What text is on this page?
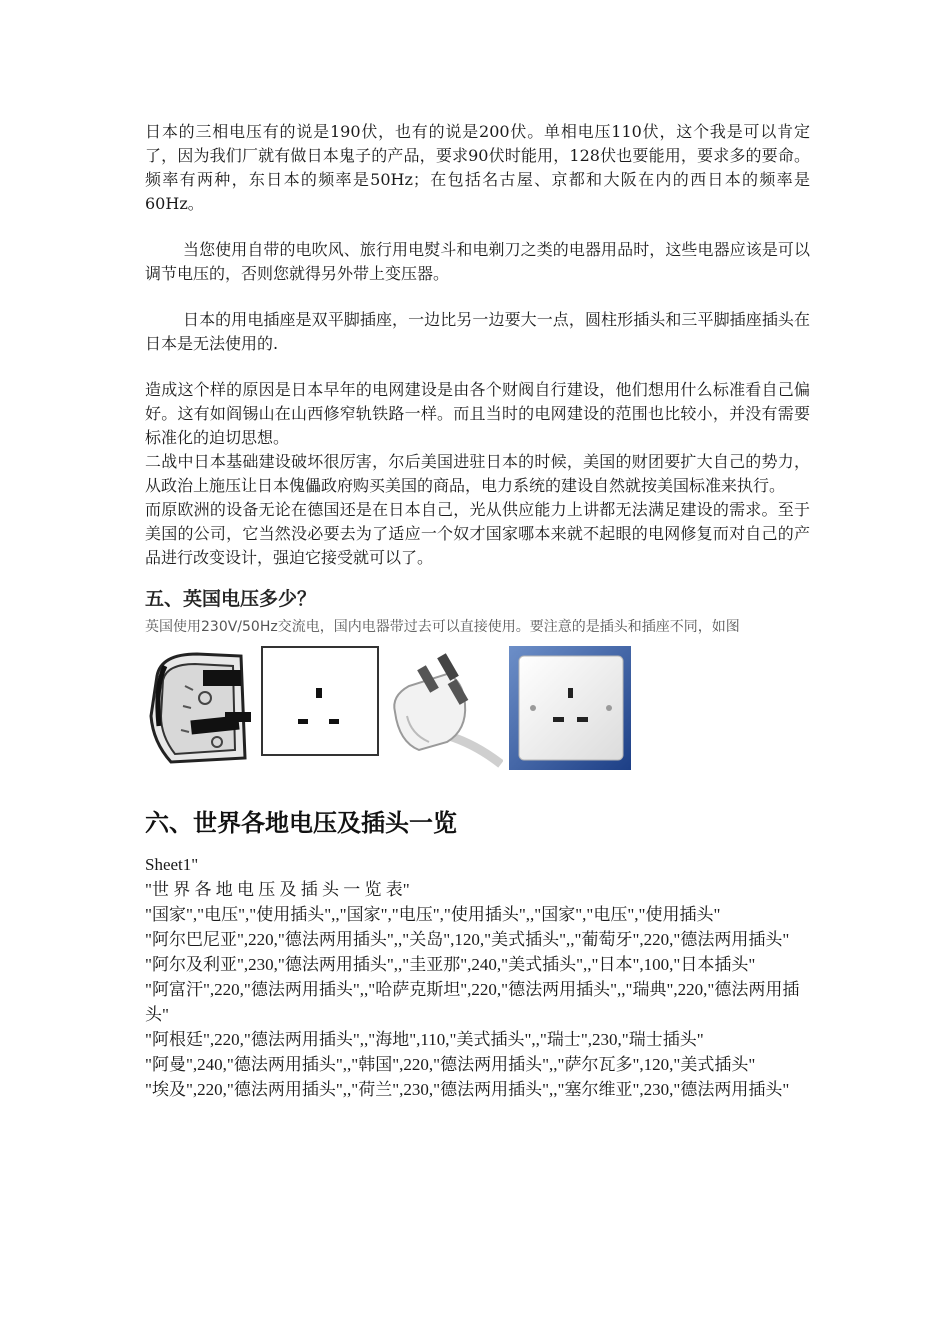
日本的三相电压有的说是190伏，也有的说是200伏。单相电压110伏，这个我是可以肯定了，因为我们厂就有做日本鬼子的产品，要求90伏时能用，128伏也要能用，要求多的要命。频率有两种，东日本的频率是50Hz；在包括名古屋、京都和大阪在内的西日本的频率是60Hz。

当您使用自带的电吹风、旅行用电熨斗和电剃刀之类的电器用品时，这些电器应该是可以调节电压的，否则您就得另外带上变压器。

日本的用电插座是双平脚插座，一边比另一边要大一点，圆柱形插头和三平脚插座插头在日本是无法使用的.

造成这个样的原因是日本早年的电网建设是由各个财阀自行建设，他们想用什么标准看自己偏好。这有如阎锡山在山西修窄轨铁路一样。而且当时的电网建设的范围也比较小，并没有需要标准化的迫切思想。

二战中日本基础建设破坏很厉害，尔后美国进驻日本的时候，美国的财团要扩大自己的势力，从政治上施压让日本傀儡政府购买美国的商品，电力系统的建设自然就按美国标准来执行。

而原欧洲的设备无论在德国还是在日本自己，光从供应能力上讲都无法满足建设的需求。至于美国的公司，它当然没必要去为了适应一个奴才国家哪本来就不起眼的电网修复而对自己的产品进行改变设计，强迫它接受就可以了。

五、英国电压多少？

英国使用230V/50Hz交流电，国内电器带过去可以直接使用。要注意的是插头和插座不同，如图

六、世界各地电压及插头一览

Sheet1"

"世 界 各 地 电 压 及 插 头 一 览 表"

"国家","电压","使用插头",,"国家","电压","使用插头",,"国家","电压","使用插头"

"阿尔巴尼亚",220,"德法两用插头",,"关岛",120,"美式插头",,"葡萄牙",220,"德法两用插头"

"阿尔及利亚",230,"德法两用插头",,"圭亚那",240,"美式插头",,"日本",100,"日本插头"

"阿富汗",220,"德法两用插头",,"哈萨克斯坦",220,"德法两用插头",,"瑞典",220,"德法两用插头"

"阿根廷",220,"德法两用插头",,"海地",110,"美式插头",,"瑞士",230,"瑞士插头"

"阿曼",240,"德法两用插头",,"韩国",220,"德法两用插头",,"萨尔瓦多",120,"美式插头"

"埃及",220,"德法两用插头",,"荷兰",230,"德法两用插头",,"塞尔维亚",230,"德法两用插头"
